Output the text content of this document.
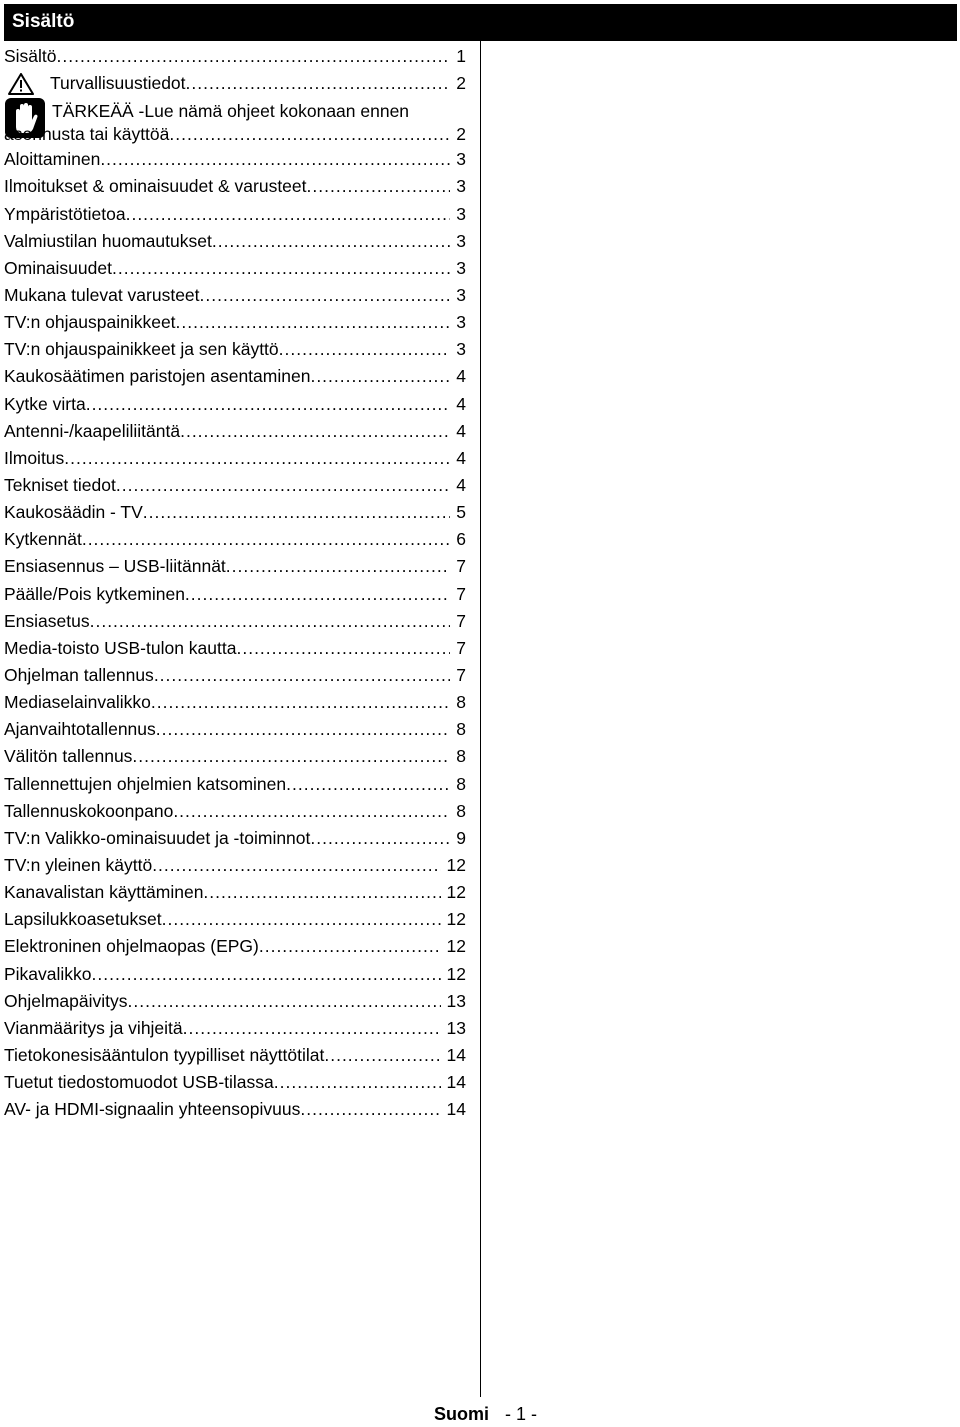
Sisältö
Sisältö .....	1
Turvallisuustiedot .....	2
TÄRKEÄÄ -Lue nämä ohjeet kokonaan ennen
asennusta tai käyttöä .....	2
Aloittaminen .....	3
Ilmoitukset & ominaisuudet & varusteet .....	3
Ympäristötietoa .....	3
Valmiustilan huomautukset .....	3
Ominaisuudet .....	3
Mukana tulevat varusteet .....	3
TV:n ohjauspainikkeet .....	3
TV:n ohjauspainikkeet ja sen käyttö .....	3
Kaukosäätimen paristojen asentaminen .....	4
Kytke virta .....	4
Antenni-/kaapeliliitäntä .....	4
Ilmoitus .....	4
Tekniset tiedot .....	4
Kaukosäädin - TV .....	5
Kytkennät .....	6
Ensiasennus – USB-liitännät .....	7
Päälle/Pois kytkeminen .....	7
Ensiasetus .....	7
Media-toisto USB-tulon kautta .....	7
Ohjelman tallennus .....	7
Mediaselainvalikko .....	8
Ajanvaihtotallennus .....	8
Välitön tallennus .....	8
Tallennettujen ohjelmien katsominen .....	8
Tallennuskokoonpano .....	8
TV:n Valikko-ominaisuudet ja -toiminnot .....	9
TV:n yleinen käyttö .....	12
Kanavalistan käyttäminen .....	12
Lapsilukkoasetukset .....	12
Elektroninen ohjelmaopas (EPG) .....	12
Pikavalikko .....	12
Ohjelmapäivitys .....	13
Vianmääritys ja vihjeitä .....	13
Tietokonesisääntulon tyypilliset näyttötilat .....	14
Tuetut tiedostomuodot USB-tilassa .....	14
AV- ja HDMI-signaalin yhteensopivuus .....	14
Suomi - 1 -
